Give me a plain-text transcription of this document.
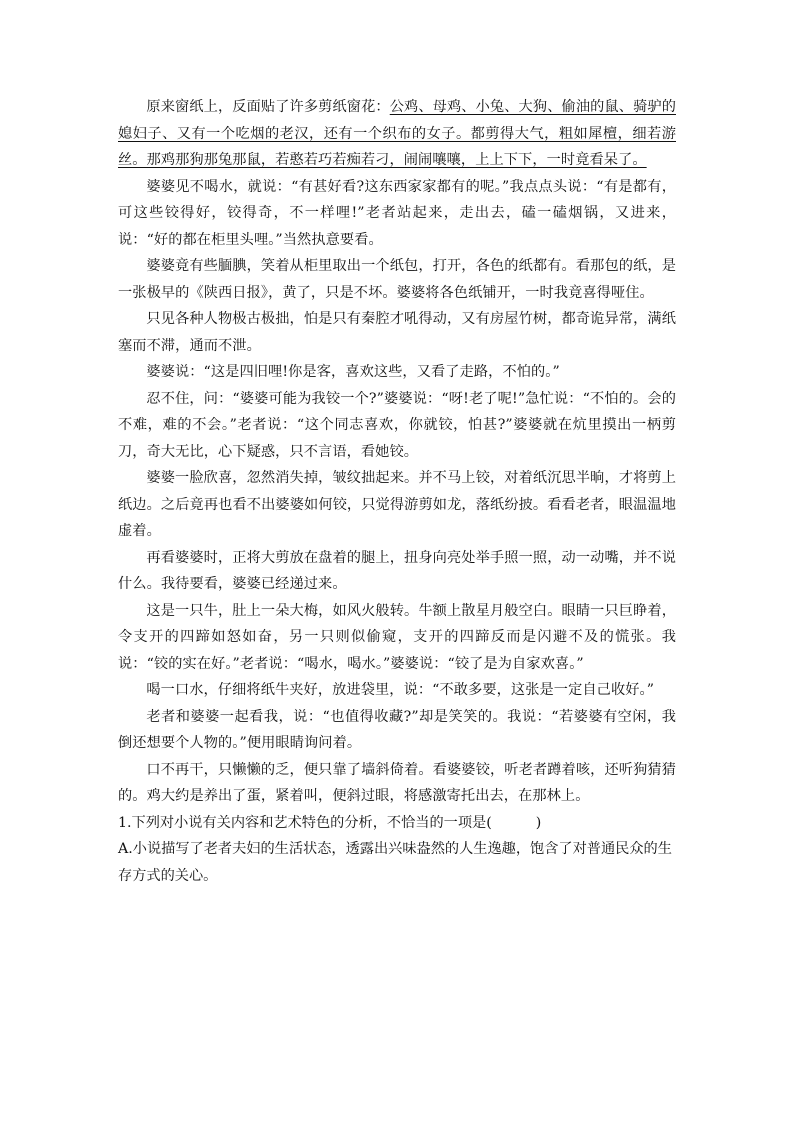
原来窗纸上，反面贴了许多剪纸窗花：公鸡、母鸡、小兔、大狗、偷油的鼠、骑驴的媳妇子、又有一个吃烟的老汉，还有一个织布的女子。都剪得大气，粗如犀檀，细若游丝。那鸡那狗那兔那鼠，若憨若巧若痴若刁，闹闹嚷嚷，上上下下，一时竟看呆了。

婆婆见不喝水，就说：“有甚好看?这东西家家都有的呢。”我点点头说：“有是都有，可这些铰得好，铰得奇，不一样哩!”老者站起来，走出去，磕一磕烟锅，又进来，说：“好的都在柜里头哩。”当然执意要看。

婆婆竟有些腼腆，笑着从柜里取出一个纸包，打开，各色的纸都有。看那包的纸，是一张极早的《陕西日报》，黄了，只是不坏。婆婆将各色纸铺开，一时我竟喜得哑住。

只见各种人物极古极拙，怕是只有秦腔才吼得动，又有房屋竹树，都奇诡异常，满纸塞而不滞，通而不泄。

婆婆说：“这是四旧哩!你是客，喜欢这些，又看了走路，不怕的。”

忍不住，问：“婆婆可能为我铰一个?”婆婆说：“呀!老了呢!”急忙说：“不怕的。会的不难，难的不会。”老者说：“这个同志喜欢，你就铰，怕甚?”婆婆就在炕里摸出一柄剪刀，奇大无比，心下疑惑，只不言语，看她铰。

婆婆一脸欣喜，忽然消失掉，皱纹拙起来。并不马上铰，对着纸沉思半晌，才将剪上纸边。之后竟再也看不出婆婆如何铰，只觉得游剪如龙，落纸纷披。看看老者，眼温温地虚着。

再看婆婆时，正将大剪放在盘着的腿上，扭身向亮处举手照一照，动一动嘴，并不说什么。我待要看，婆婆已经递过来。

这是一只牛，肚上一朵大梅，如风火般转。牛额上散星月般空白。眼睛一只巨睁着，令支开的四蹄如怒如奋，另一只则似偷窥，支开的四蹄反而是闪避不及的慌张。我说：“铰的实在好。”老者说：“喝水，喝水。”婆婆说：“铰了是为自家欢喜。”

喝一口水，仔细将纸牛夹好，放进袋里，说：“不敢多要，这张是一定自己收好。”

老者和婆婆一起看我，说：“也值得收藏?”却是笑笑的。我说：“若婆婆有空闲，我倒还想要个人物的。”便用眼睛询问着。

口不再干，只懒懒的乏，便只靠了墙斜倚着。看婆婆铰，听老者蹲着咳，还听狗猜猜的。鸡大约是养出了蛋，紧着叫，便斜过眼，将感激寄托出去，在那林上。

1.下列对小说有关内容和艺术特色的分析，不恰当的一项是(	)

A.小说描写了老者夫妇的生活状态，透露出兴味盎然的人生逸趣，饱含了对普通民众的生存方式的关心。
